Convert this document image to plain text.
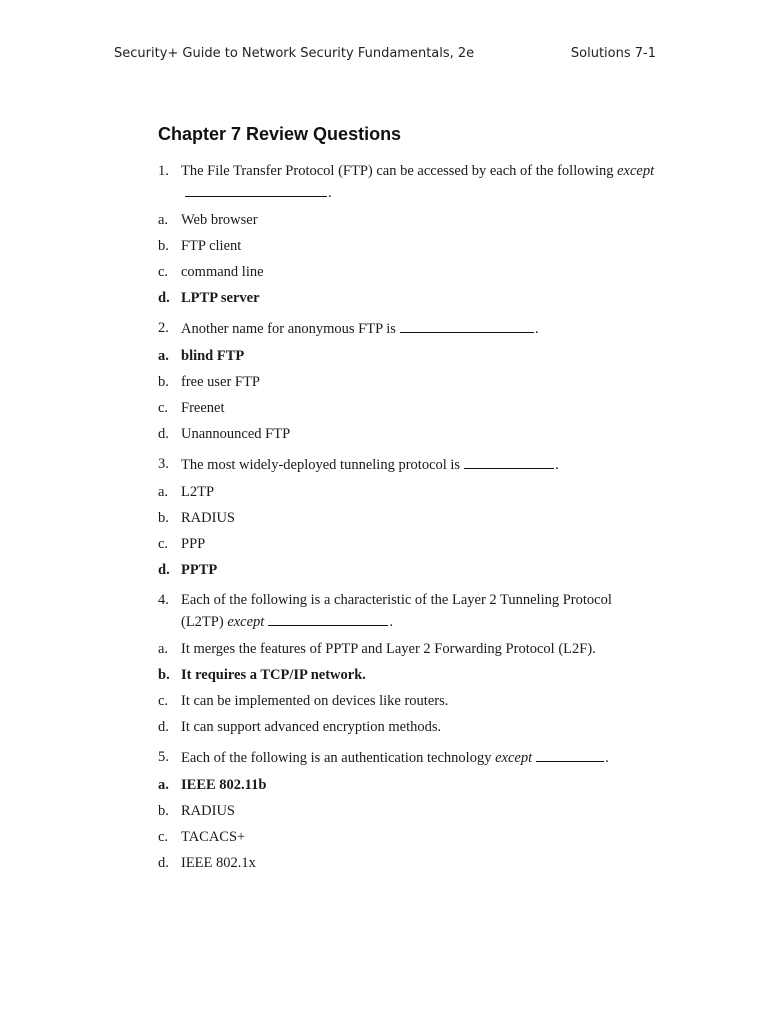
Security+ Guide to Network Security Fundamentals, 2e	Solutions 7-1
Chapter 7 Review Questions
1. The File Transfer Protocol (FTP) can be accessed by each of the following except.
a. Web browser
b. FTP client
c. command line
d. LPTP server
2. Another name for anonymous FTP is	.
a. blind FTP
b. free user FTP
c. Freenet
d. Unannounced FTP
3. The most widely-deployed tunneling protocol is	.
a. L2TP
b. RADIUS
c. PPP
d. PPTP
4. Each of the following is a characteristic of the Layer 2 Tunneling Protocol (L2TP) except	.
a. It merges the features of PPTP and Layer 2 Forwarding Protocol (L2F).
b. It requires a TCP/IP network.
c. It can be implemented on devices like routers.
d. It can support advanced encryption methods.
5. Each of the following is an authentication technology except	.
a. IEEE 802.11b
b. RADIUS
c. TACACS+
d. IEEE 802.1x
